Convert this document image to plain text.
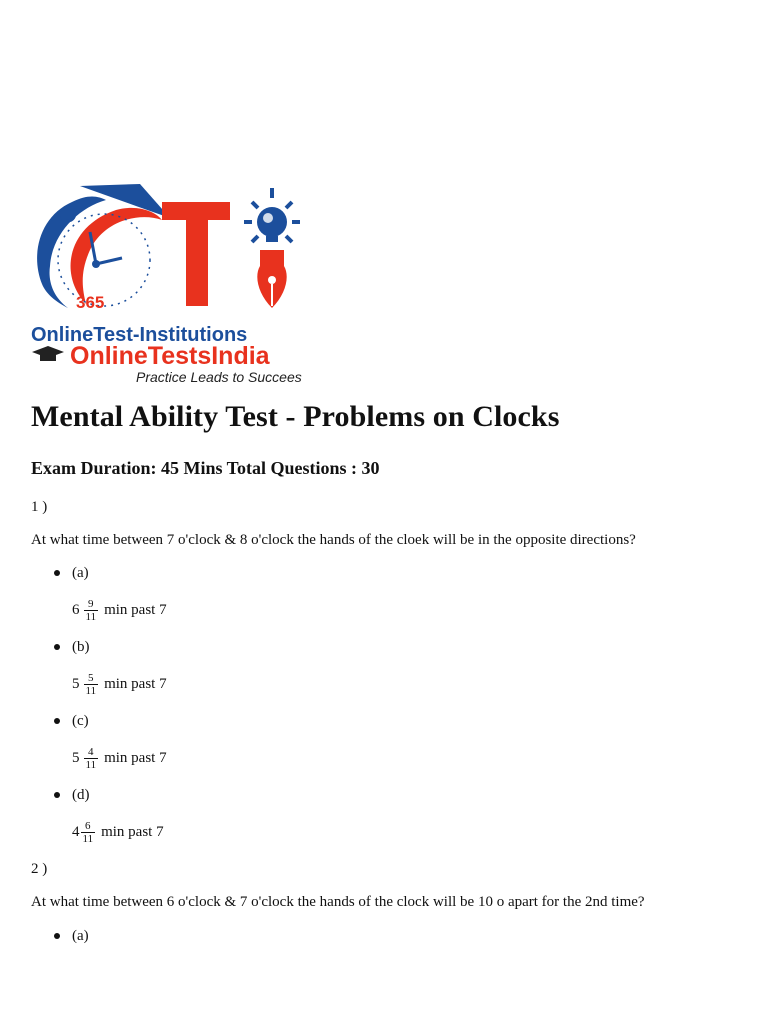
365
OnlineTest-Institutions
OnlineTestsIndia
Practice Leads to Succees
Mental Ability Test - Problems on Clocks
Exam Duration: 45 Mins Total Questions : 30
1 )
At what time between 7 o'clock & 8 o'clock the hands of the cloek will be in the opposite directions?
(a)
$6 \frac{9}{11}$ min past 7
(b)
$5 \frac{5}{11}$ min past 7
(c)
$5 \frac{4}{11}$ min past 7
(d)
$4 \frac{6}{11}$ min past 7
2 )
At what time between 6 o'clock & 7 o'clock the hands of the clock will be 10 o apart for the 2nd time?
(a)
